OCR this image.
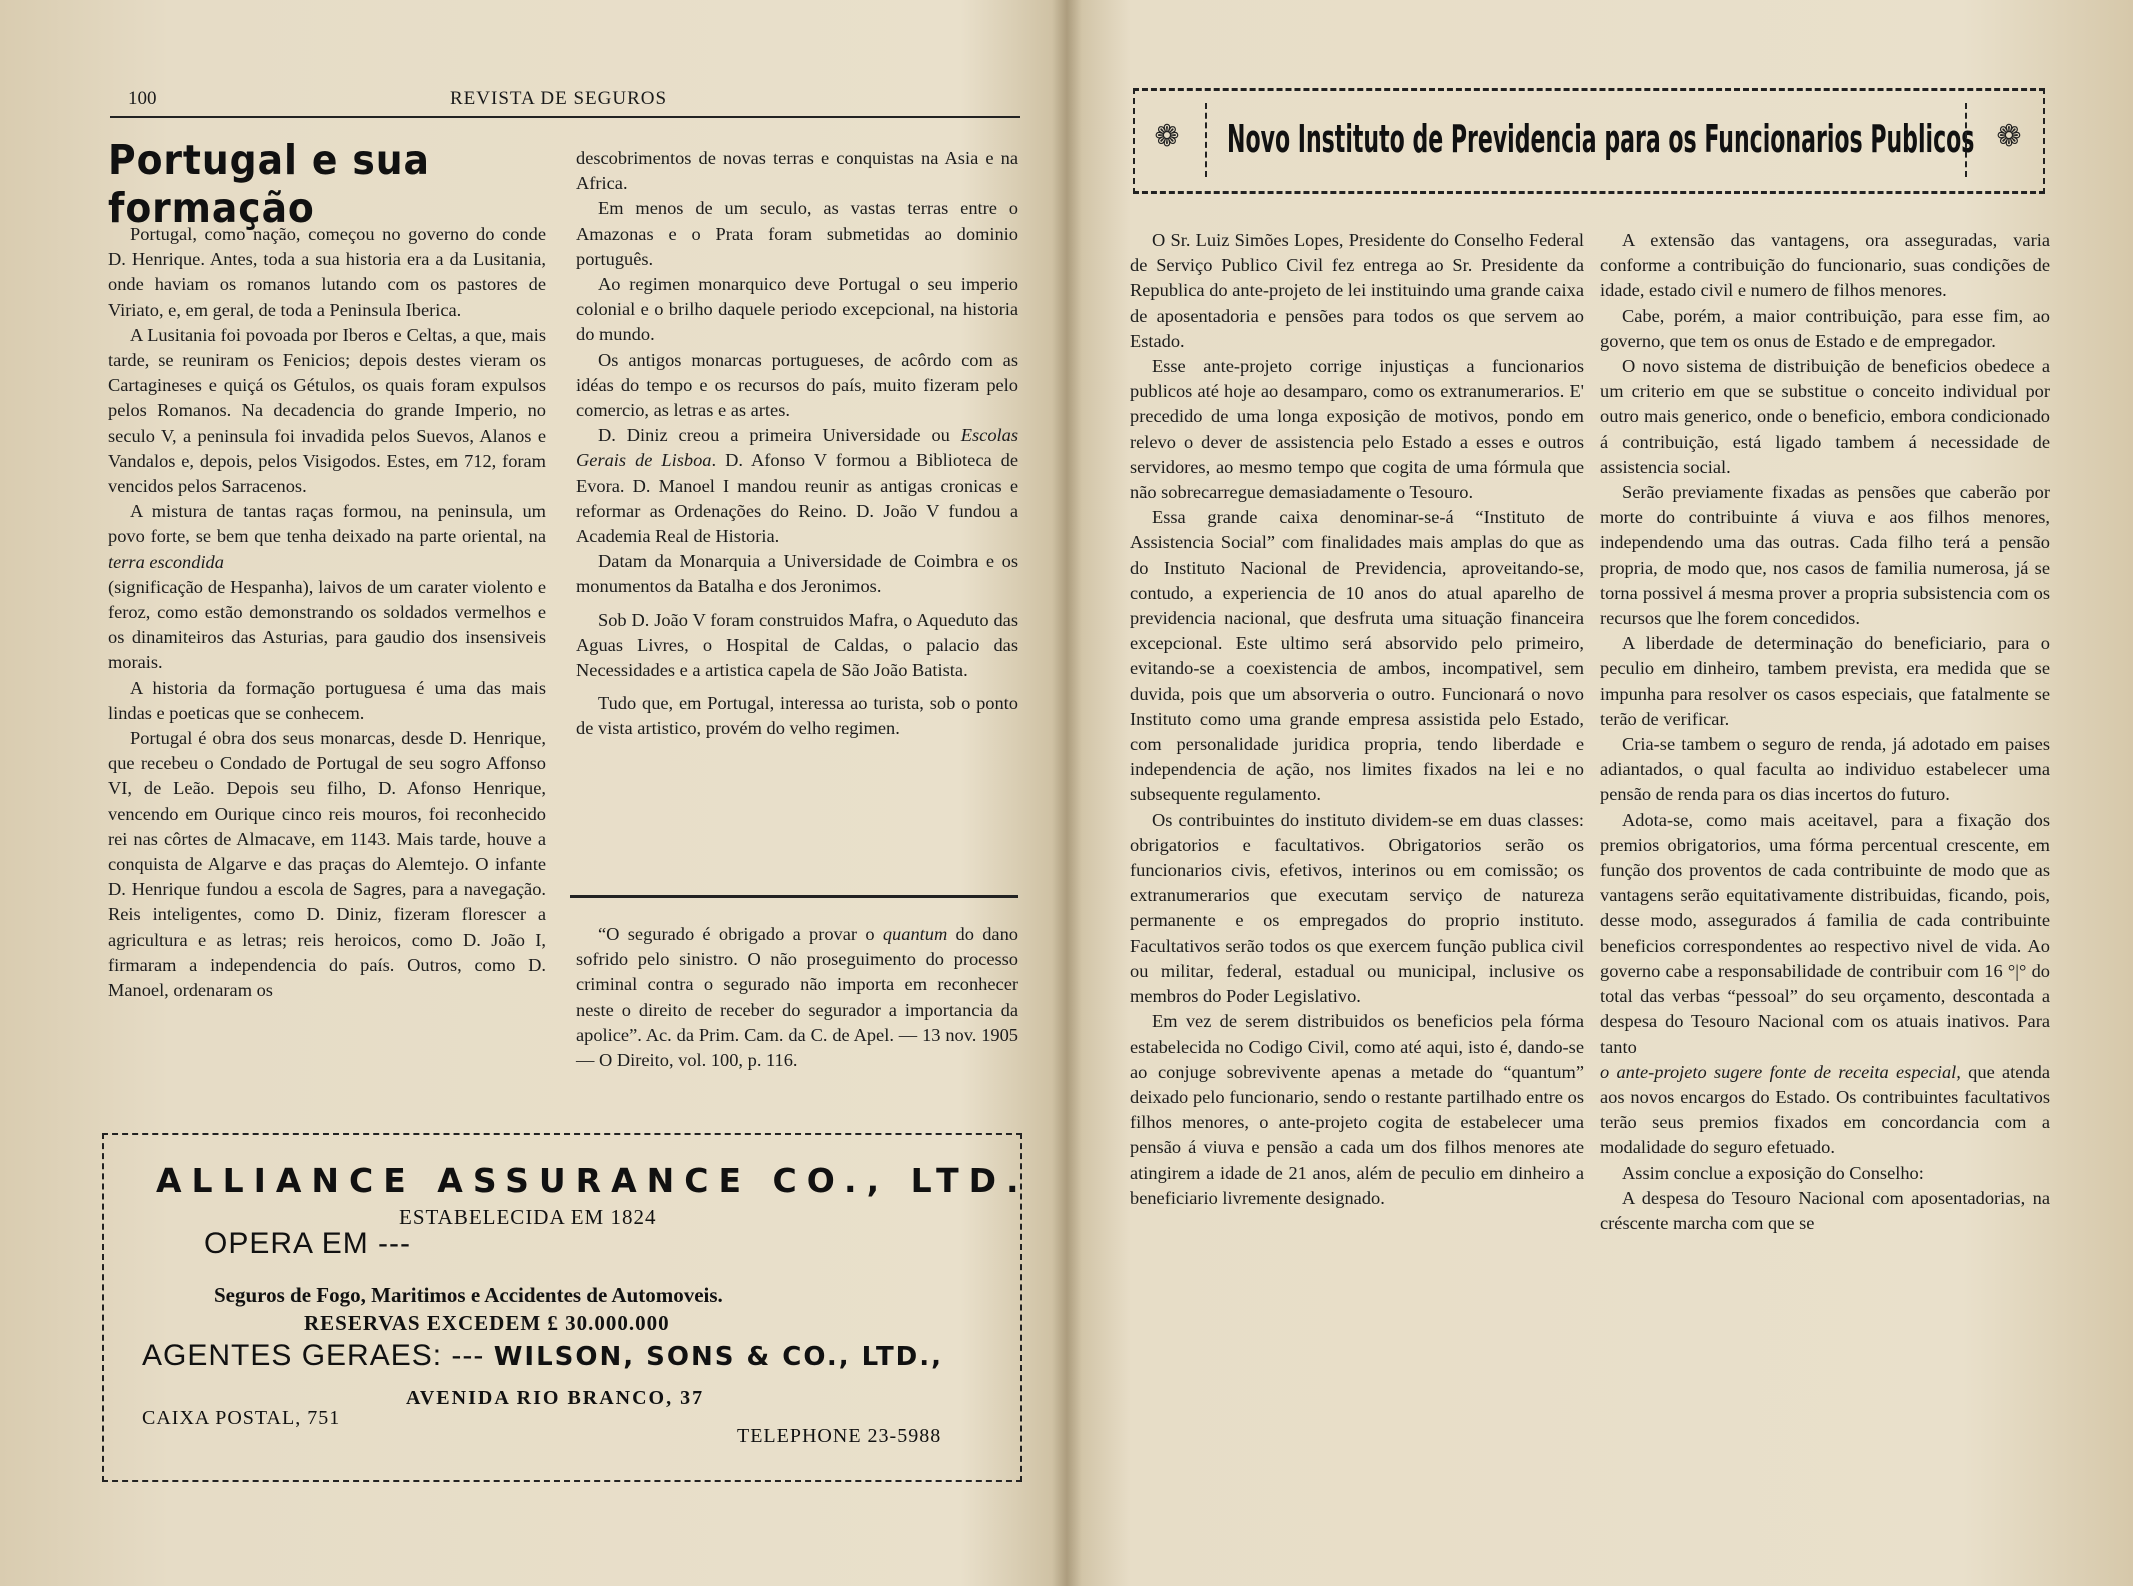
100	REVISTA DE SEGUROS
Portugal e sua formação

Portugal, como nação, começou no governo do conde D. Henrique. Antes, toda a sua historia era a da Lusitania, onde haviam os romanos lutando com os pastores de Viriato, e, em geral, de toda a Peninsula Iberica.

A Lusitania foi povoada por Iberos e Celtas, a que, mais tarde, se reuniram os Fenicios; depois destes vieram os Cartagineses e quiçá os Gétulos, os quais foram expulsos pelos Romanos. Na decadencia do grande Imperio, no seculo V, a peninsula foi invadida pelos Suevos, Alanos e Vandalos e, depois, pelos Visigodos. Estes, em 712, foram vencidos pelos Sarracenos.

A mistura de tantas raças formou, na peninsula, um povo forte, se bem que tenha deixado na parte oriental, na terra escondida

(significação de Hespanha), laivos de um carater violento e feroz, como estão demonstrando os soldados vermelhos e os dinamiteiros das Asturias, para gaudio dos insensiveis morais.

A historia da formação portuguesa é uma das mais lindas e poeticas que se conhecem.

Portugal é obra dos seus monarcas, desde D. Henrique, que recebeu o Condado de Portugal de seu sogro Affonso VI, de Leão. Depois seu filho, D. Afonso Henrique, vencendo em Ourique cinco reis mouros, foi reconhecido rei nas côrtes de Almacave, em 1143. Mais tarde, houve a conquista de Algarve e das praças do Alemtejo. O infante D. Henrique fundou a escola de Sagres, para a navegação. Reis inteligentes, como D. Diniz, fizeram florescer a agricultura e as letras; reis heroicos, como D. João I, firmaram a independencia do país. Outros, como D. Manoel, ordenaram os

descobrimentos de novas terras e conquistas na Asia e na Africa.

Em menos de um seculo, as vastas terras entre o Amazonas e o Prata foram submetidas ao dominio português.

Ao regimen monarquico deve Portugal o seu imperio colonial e o brilho daquele periodo excepcional, na historia do mundo.

Os antigos monarcas portugueses, de acôrdo com as idéas do tempo e os recursos do país, muito fizeram pelo comercio, as letras e as artes.

D. Diniz creou a primeira Universidade ou Escolas Gerais de Lisboa. D. Afonso V formou a Biblioteca de Evora. D. Manoel I mandou reunir as antigas cronicas e reformar as Ordenações do Reino. D. João V fundou a Academia Real de Historia.

Datam da Monarquia a Universidade de Coimbra e os monumentos da Batalha e dos Jeronimos.

Sob D. João V foram construidos Mafra, o Aqueduto das Aguas Livres, o Hospital de Caldas, o palacio das Necessidades e a artistica capela de São João Batista.

Tudo que, em Portugal, interessa ao turista, sob o ponto de vista artistico, provém do velho regimen.

“O segurado é obrigado a provar o quantum do dano sofrido pelo sinistro. O não proseguimento do processo criminal contra o segurado não importa em reconhecer neste o direito de receber do segurador a importancia da apolice”. Ac. da Prim. Cam. da C. de Apel. — 13 nov. 1905 — O Direito, vol. 100, p. 116.

ALLIANCE ASSURANCE CO., LTD.
OPERA EM ---
ESTABELECIDA EM 1824
Seguros de Fogo, Maritimos e Accidentes de Automoveis.
RESERVAS EXCEDEM £ 30.000.000
AGENTES GERAES: --- WILSON, SONS & CO., LTD.,
AVENIDA RIO BRANCO, 37
CAIXA POSTAL, 751
TELEPHONE 23-5988
❁ Novo Instituto de Previdencia para os Funcionarios Publicos ❁

O Sr. Luiz Simões Lopes, Presidente do Conselho Federal de Serviço Publico Civil fez entrega ao Sr. Presidente da Republica do ante-projeto de lei instituindo uma grande caixa de aposentadoria e pensões para todos os que servem ao Estado.

Esse ante-projeto corrige injustiças a funcionarios publicos até hoje ao desamparo, como os extranumerarios. E' precedido de uma longa exposição de motivos, pondo em relevo o dever de assistencia pelo Estado a esses e outros servidores, ao mesmo tempo que cogita de uma fórmula que não sobrecarregue demasiadamente o Tesouro.

Essa grande caixa denominar-se-á “Instituto de Assistencia Social” com finalidades mais amplas do que as do Instituto Nacional de Previdencia, aproveitando-se, contudo, a experiencia de 10 anos do atual aparelho de previdencia nacional, que desfruta uma situação financeira excepcional. Este ultimo será absorvido pelo primeiro, evitando-se a coexistencia de ambos, incompativel, sem duvida, pois que um absorveria o outro. Funcionará o novo Instituto como uma grande empresa assistida pelo Estado, com personalidade juridica propria, tendo liberdade e independencia de ação, nos limites fixados na lei e no subsequente regulamento.

Os contribuintes do instituto dividem-se em duas classes: obrigatorios e facultativos. Obrigatorios serão os funcionarios civis, efetivos, interinos ou em comissão; os extranumerarios que executam serviço de natureza permanente e os empregados do proprio instituto. Facultativos serão todos os que exercem função publica civil ou militar, federal, estadual ou municipal, inclusive os membros do Poder Legislativo.

Em vez de serem distribuidos os beneficios pela fórma estabelecida no Codigo Civil, como até aqui, isto é, dando-se ao conjuge sobrevivente apenas a metade do “quantum” deixado pelo funcionario, sendo o restante partilhado entre os filhos menores, o ante-projeto cogita de estabelecer uma pensão á viuva e pensão a cada um dos filhos menores ate atingirem a idade de 21 anos, além de peculio em dinheiro a beneficiario livremente designado.

A extensão das vantagens, ora asseguradas, varia conforme a contribuição do funcionario, suas condições de idade, estado civil e numero de filhos menores.

Cabe, porém, a maior contribuição, para esse fim, ao governo, que tem os onus de Estado e de empregador.

O novo sistema de distribuição de beneficios obedece a um criterio em que se substitue o conceito individual por outro mais generico, onde o beneficio, embora condicionado á contribuição, está ligado tambem á necessidade de assistencia social.

Serão previamente fixadas as pensões que caberão por morte do contribuinte á viuva e aos filhos menores, independendo uma das outras. Cada filho terá a pensão propria, de modo que, nos casos de familia numerosa, já se torna possivel á mesma prover a propria subsistencia com os recursos que lhe forem concedidos.

A liberdade de determinação do beneficiario, para o peculio em dinheiro, tambem prevista, era medida que se impunha para resolver os casos especiais, que fatalmente se terão de verificar.

Cria-se tambem o seguro de renda, já adotado em paises adiantados, o qual faculta ao individuo estabelecer uma pensão de renda para os dias incertos do futuro.

Adota-se, como mais aceitavel, para a fixação dos premios obrigatorios, uma fórma percentual crescente, em função dos proventos de cada contribuinte de modo que as vantagens serão equitativamente distribuidas, ficando, pois, desse modo, assegurados á familia de cada contribuinte beneficios correspondentes ao respectivo nivel de vida. Ao governo cabe a responsabilidade de contribuir com 16 °|° do total das verbas “pessoal” do seu orçamento, descontada a despesa do Tesouro Nacional com os atuais inativos. Para tanto

o ante-projeto sugere fonte de receita especial, que atenda aos novos encargos do Estado. Os contribuintes facultativos terão seus premios fixados em concordancia com a modalidade do seguro efetuado.

Assim conclue a exposição do Conselho:

A despesa do Tesouro Nacional com aposentadorias, na créscente marcha com que se
